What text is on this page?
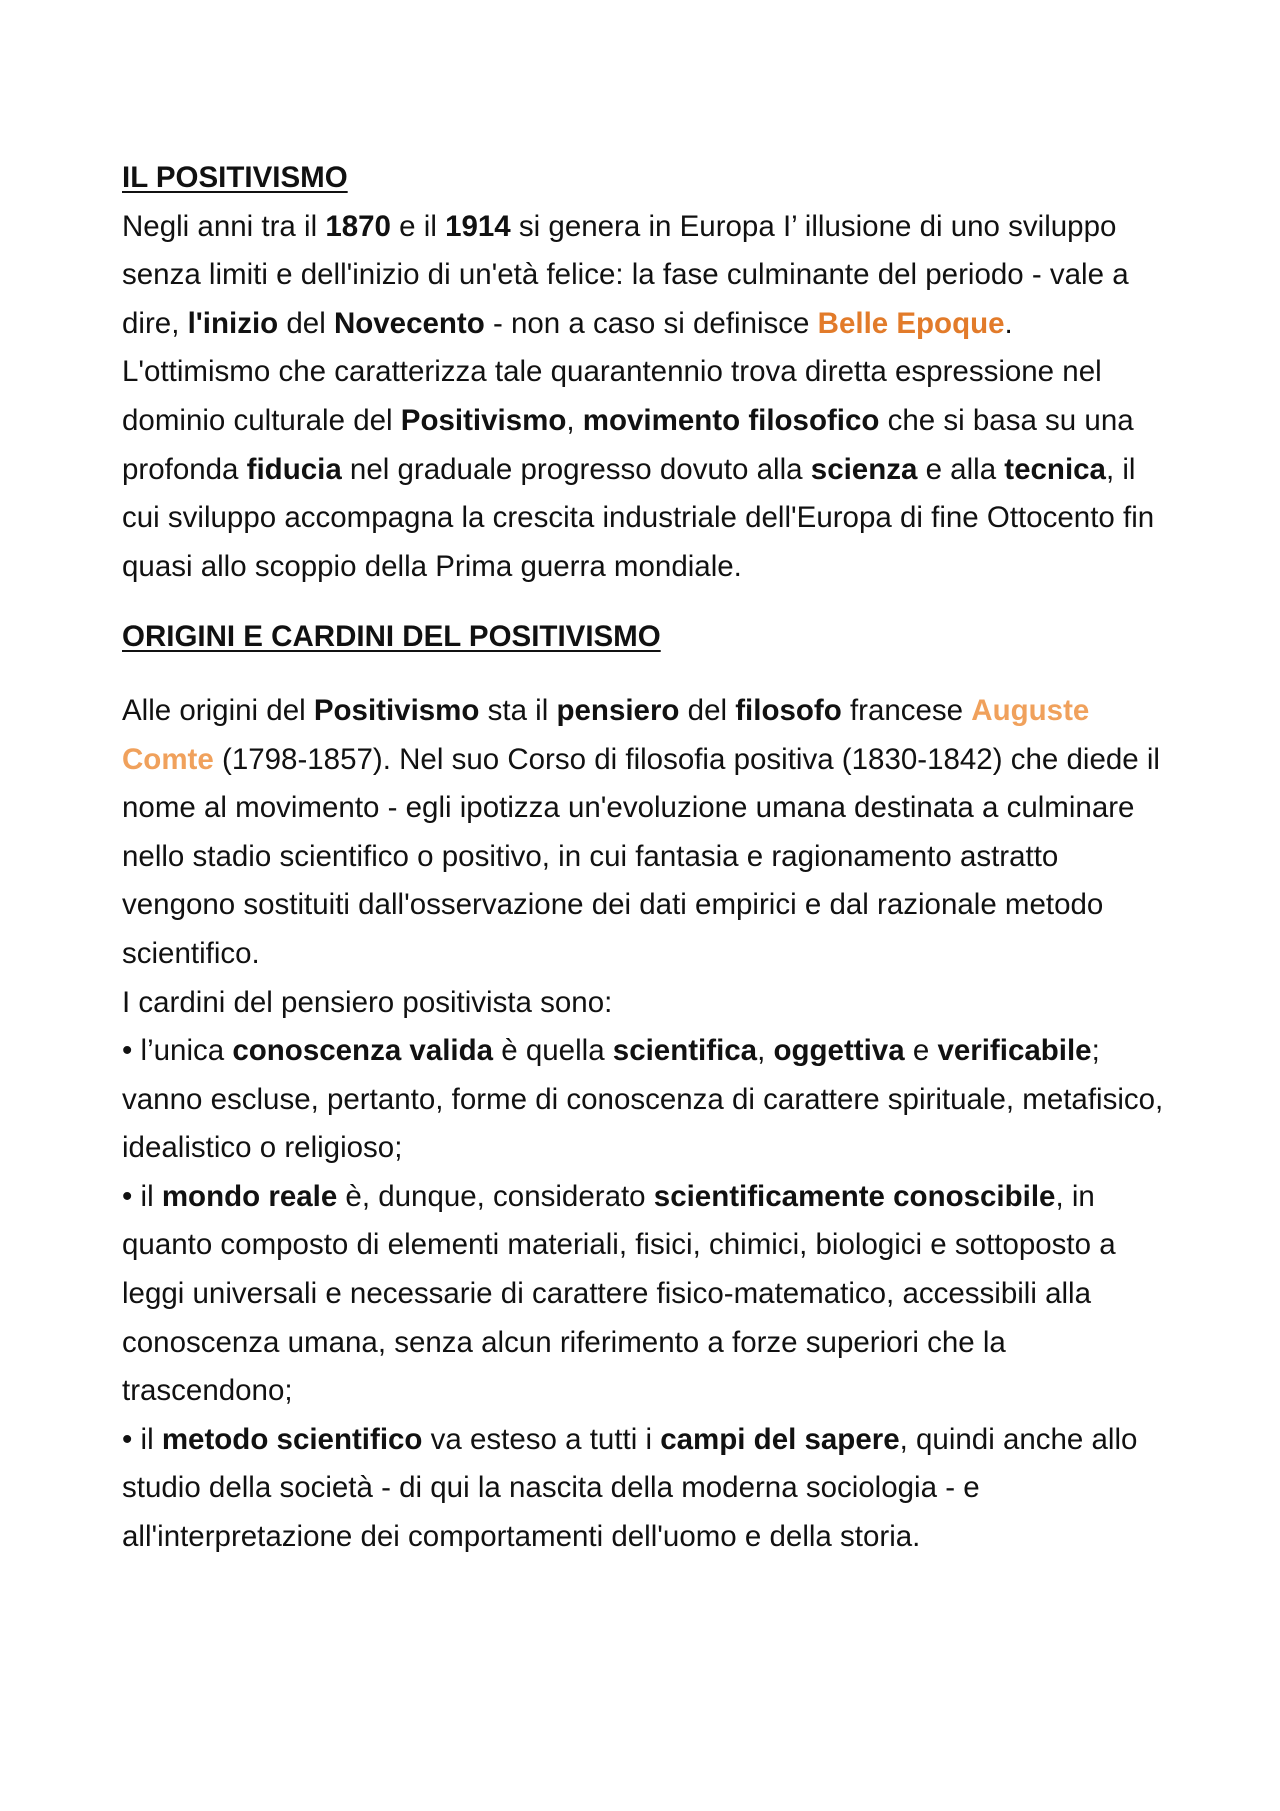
IL POSITIVISMO

Negli anni tra il 1870 e il 1914 si genera in Europa I’ illusione di uno sviluppo senza limiti e dell'inizio di un'età felice: la fase culminante del periodo - vale a dire, l'inizio del Novecento - non a caso si definisce Belle Epoque.

L'ottimismo che caratterizza tale quarantennio trova diretta espressione nel dominio culturale del Positivismo, movimento filosofico che si basa su una profonda fiducia nel graduale progresso dovuto alla scienza e alla tecnica, il cui sviluppo accompagna la crescita industriale dell'Europa di fine Ottocento fin quasi allo scoppio della Prima guerra mondiale.

ORIGINI E CARDINI DEL POSITIVISMO

Alle origini del Positivismo sta il pensiero del filosofo francese Auguste Comte (1798-1857). Nel suo Corso di filosofia positiva (1830-1842) che diede il nome al movimento - egli ipotizza un'evoluzione umana destinata a culminare nello stadio scientifico o positivo, in cui fantasia e ragionamento astratto vengono sostituiti dall'osservazione dei dati empirici e dal razionale metodo scientifico.

I cardini del pensiero positivista sono:

• l’unica conoscenza valida è quella scientifica, oggettiva e verificabile; vanno escluse, pertanto, forme di conoscenza di carattere spirituale, metafisico, idealistico o religioso;

• il mondo reale è, dunque, considerato scientificamente conoscibile, in quanto composto di elementi materiali, fisici, chimici, biologici e sottoposto a leggi universali e necessarie di carattere fisico-matematico, accessibili alla conoscenza umana, senza alcun riferimento a forze superiori che la trascendono;

• il metodo scientifico va esteso a tutti i campi del sapere, quindi anche allo studio della società - di qui la nascita della moderna sociologia - e all'interpretazione dei comportamenti dell'uomo e della storia.
